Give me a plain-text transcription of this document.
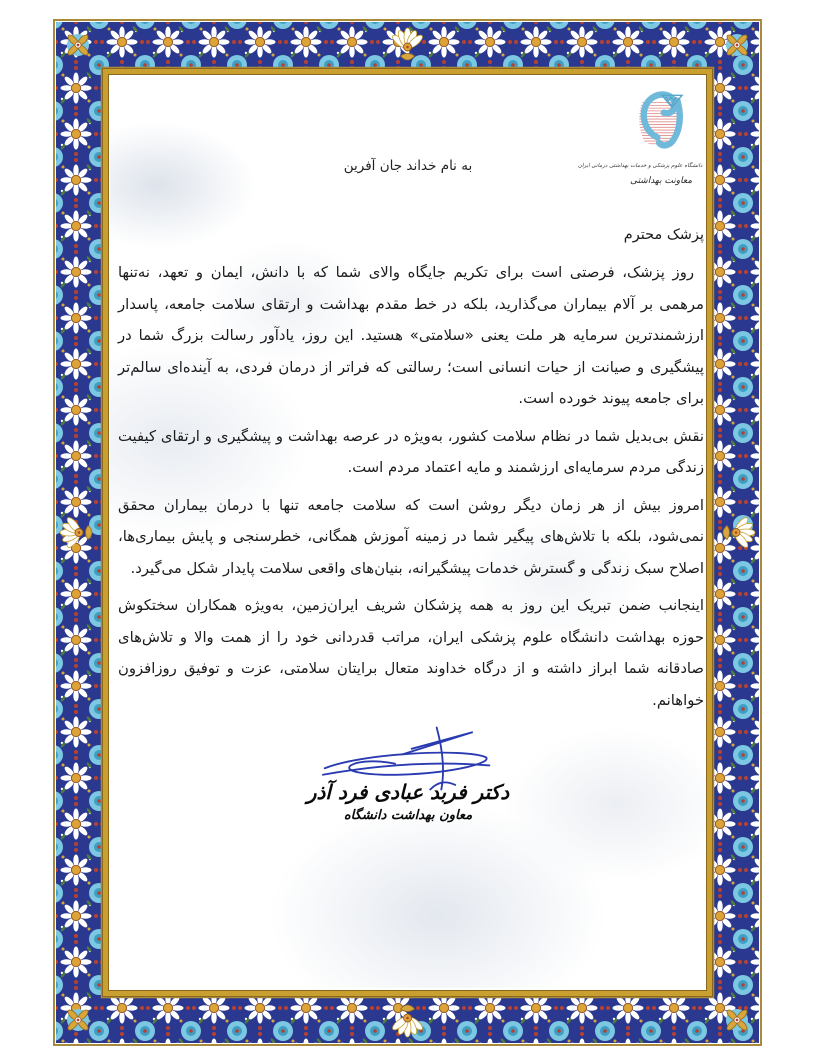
دانشگاه علوم پزشکی و خدمات بهداشتی درمانی ایران
معاونت بهداشتی
به نام خداند جان آفرین
پزشک محترم

روز پزشک، فرصتی است برای تکریم جایگاه والای شما که با دانش، ایمان و تعهد، نه‌تنها مرهمی بر آلام بیماران می‌گذارید، بلکه در خط مقدم بهداشت و ارتقای سلامت جامعه، پاسدار ارزشمندترین سرمایه هر ملت یعنی «سلامتی» هستید. این روز، یادآور رسالت بزرگ شما در پیشگیری و صیانت از حیات انسانی است؛ رسالتی که فراتر از درمان فردی، به آینده‌ای سالم‌تر برای جامعه پیوند خورده است.

نقش بی‌بدیل شما در نظام سلامت کشور، به‌ویژه در عرصه بهداشت و پیشگیری و ارتقای کیفیت زندگی مردم سرمایه‌ای ارزشمند و مایه اعتماد مردم است.

امروز بیش از هر زمان دیگر روشن است که سلامت جامعه تنها با درمان بیماران محقق نمی‌شود، بلکه با تلاش‌های پیگیر شما در زمینه آموزش همگانی، خطرسنجی و پایش بیماری‌ها، اصلاح سبک زندگی و گسترش خدمات پیشگیرانه، بنیان‌های واقعی سلامت پایدار شکل می‌گیرد.

اینجانب ضمن تبریک این روز به همه پزشکان شریف ایران‌زمین، به‌ویژه همکاران سختکوش حوزه بهداشت دانشگاه علوم پزشکی ایران، مراتب قدردانی خود را از همت والا و تلاش‌های صادقانه شما ابراز داشته و از درگاه خداوند متعال برایتان سلامتی، عزت و توفیق روزافزون خواهانم.

دکتر فربد عبادی فرد آذر
معاون بهداشت دانشگاه
